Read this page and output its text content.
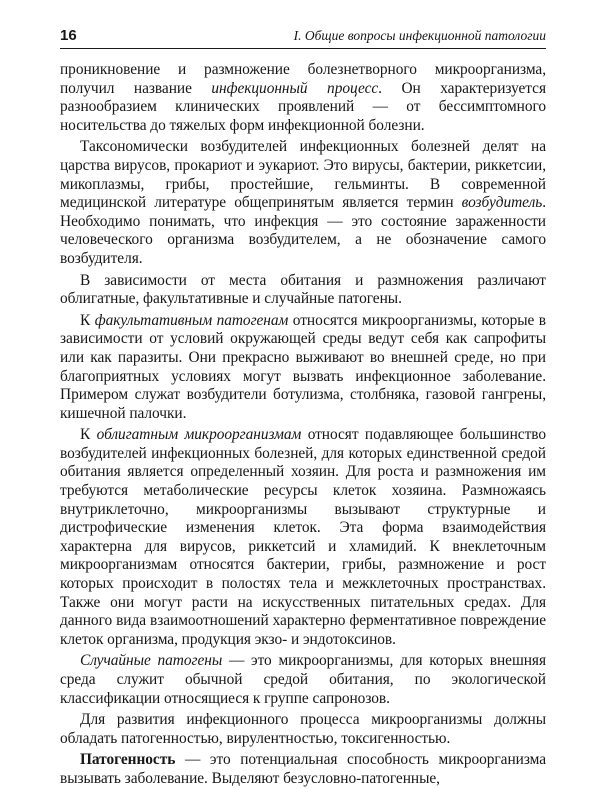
16	I. Общие вопросы инфекционной патологии

проникновение и размножение болезнетворного микроорганизма, получил название инфекционный процесс. Он характеризуется разнообразием клинических проявлений — от бессимптомного носительства до тяжелых форм инфекционной болезни.

Таксономически возбудителей инфекционных болезней делят на царства вирусов, прокариот и эукариот. Это вирусы, бактерии, риккетсии, микоплазмы, грибы, простейшие, гельминты. В современной медицинской литературе общепринятым является термин возбудитель. Необходимо понимать, что инфекция — это состояние зараженности человеческого организма возбудителем, а не обозначение самого возбудителя.

В зависимости от места обитания и размножения различают облигатные, факультативные и случайные патогены.

К факультативным патогенам относятся микроорганизмы, которые в зависимости от условий окружающей среды ведут себя как сапрофиты или как паразиты. Они прекрасно выживают во внешней среде, но при благоприятных условиях могут вызвать инфекционное заболевание. Примером служат возбудители ботулизма, столбняка, газовой гангрены, кишечной палочки.

К облигатным микроорганизмам относят подавляющее большинство возбудителей инфекционных болезней, для которых единственной средой обитания является определенный хозяин. Для роста и размножения им требуются метаболические ресурсы клеток хозяина. Размножаясь внутриклеточно, микроорганизмы вызывают структурные и дистрофические изменения клеток. Эта форма взаимодействия характерна для вирусов, риккетсий и хламидий. К внеклеточным микроорганизмам относятся бактерии, грибы, размножение и рост которых происходит в полостях тела и межклеточных пространствах. Также они могут расти на искусственных питательных средах. Для данного вида взаимоотношений характерно ферментативное повреждение клеток организма, продукция экзо- и эндотоксинов.

Случайные патогены — это микроорганизмы, для которых внешняя среда служит обычной средой обитания, по экологической классификации относящиеся к группе сапронозов.

Для развития инфекционного процесса микроорганизмы должны обладать патогенностью, вирулентностью, токсигенностью.

Патогенность — это потенциальная способность микроорганизма вызывать заболевание. Выделяют безусловно-патогенные,
